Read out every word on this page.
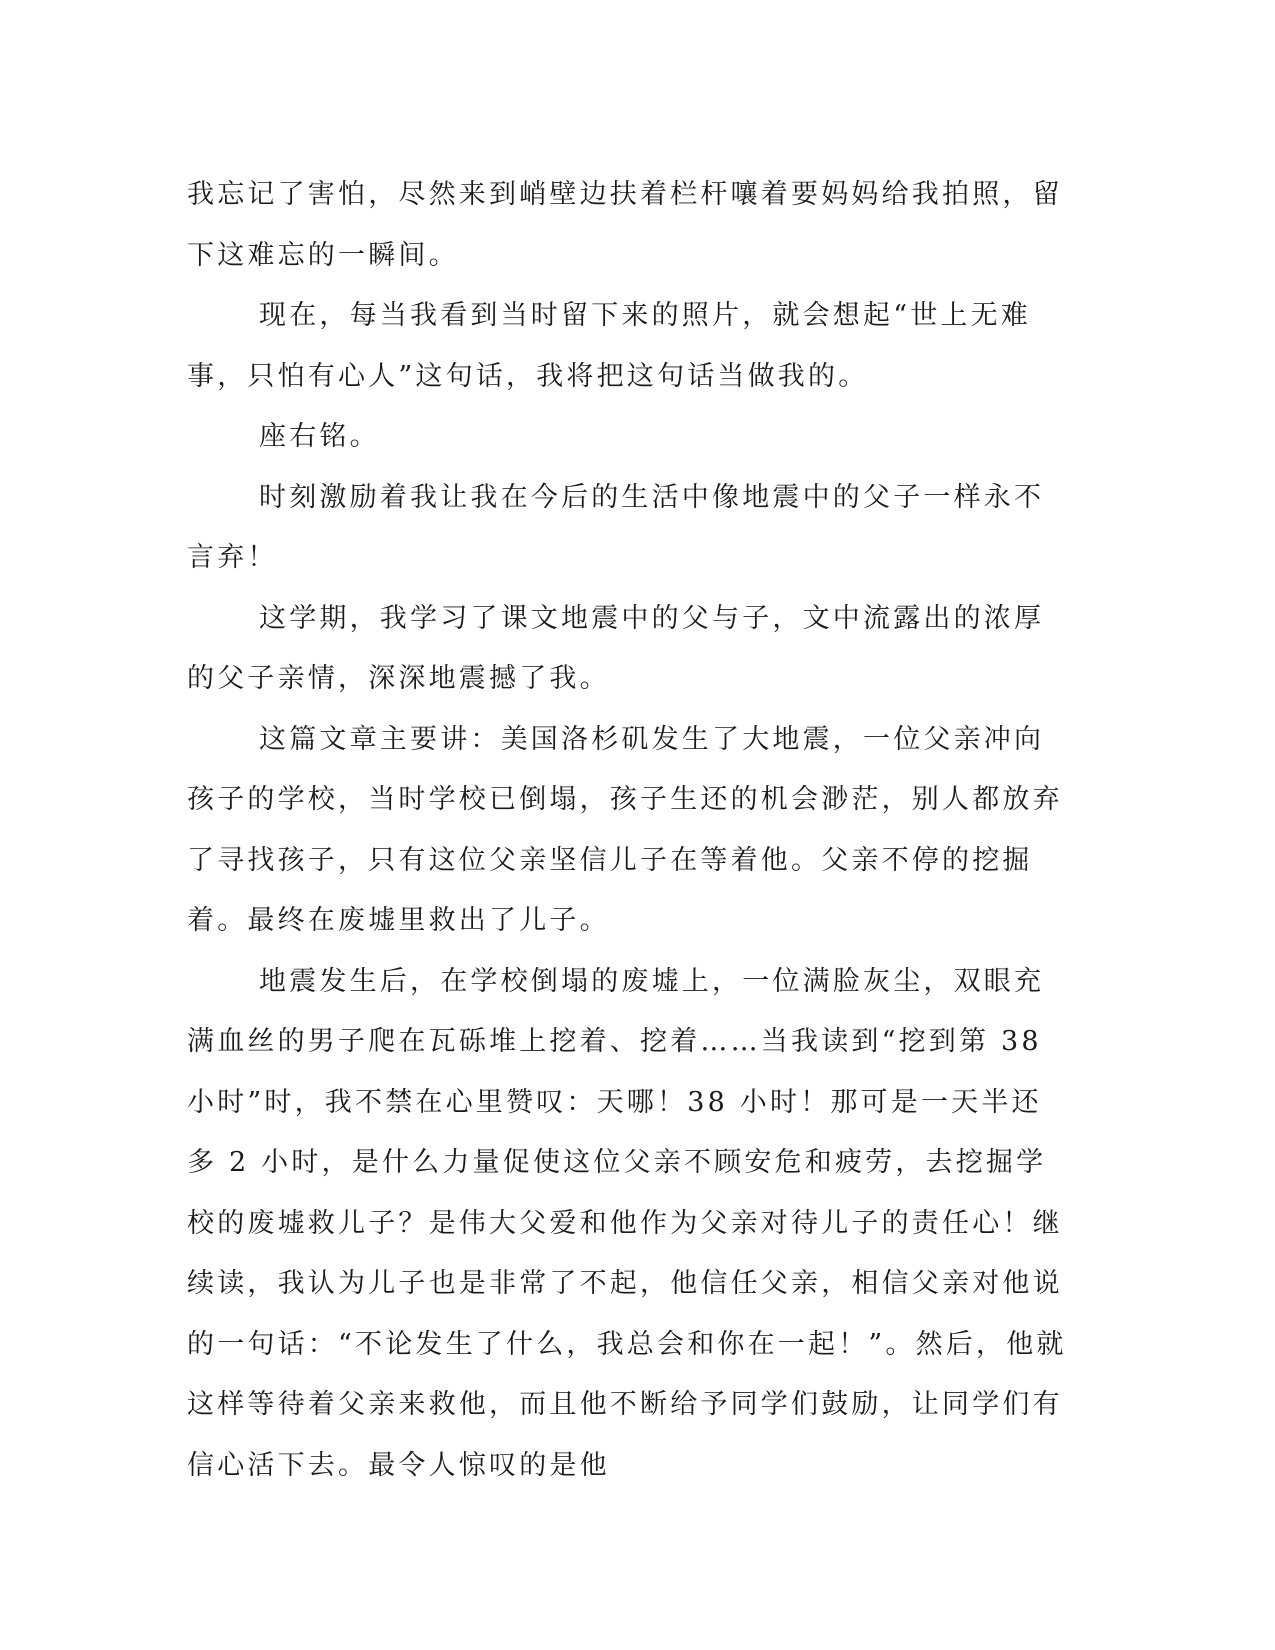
我忘记了害怕，尽然来到峭壁边扶着栏杆嚷着要妈妈给我拍照，留下这难忘的一瞬间。

现在，每当我看到当时留下来的照片，就会想起“世上无难事，只怕有心人”这句话，我将把这句话当做我的。

座右铭。

时刻激励着我让我在今后的生活中像地震中的父子一样永不言弃！

这学期，我学习了课文地震中的父与子，文中流露出的浓厚的父子亲情，深深地震撼了我。

这篇文章主要讲：美国洛杉矶发生了大地震，一位父亲冲向孩子的学校，当时学校已倒塌，孩子生还的机会渺茫，别人都放弃了寻找孩子，只有这位父亲坚信儿子在等着他。父亲不停的挖掘着。最终在废墟里救出了儿子。

地震发生后，在学校倒塌的废墟上，一位满脸灰尘，双眼充满血丝的男子爬在瓦砾堆上挖着、挖着……当我读到“挖到第 38 小时”时，我不禁在心里赞叹：天哪！38 小时！那可是一天半还多 2 小时，是什么力量促使这位父亲不顾安危和疲劳，去挖掘学校的废墟救儿子？是伟大父爱和他作为父亲对待儿子的责任心！继续读，我认为儿子也是非常了不起，他信任父亲，相信父亲对他说的一句话：“不论发生了什么，我总会和你在一起！”。然后，他就这样等待着父亲来救他，而且他不断给予同学们鼓励，让同学们有信心活下去。最令人惊叹的是他
